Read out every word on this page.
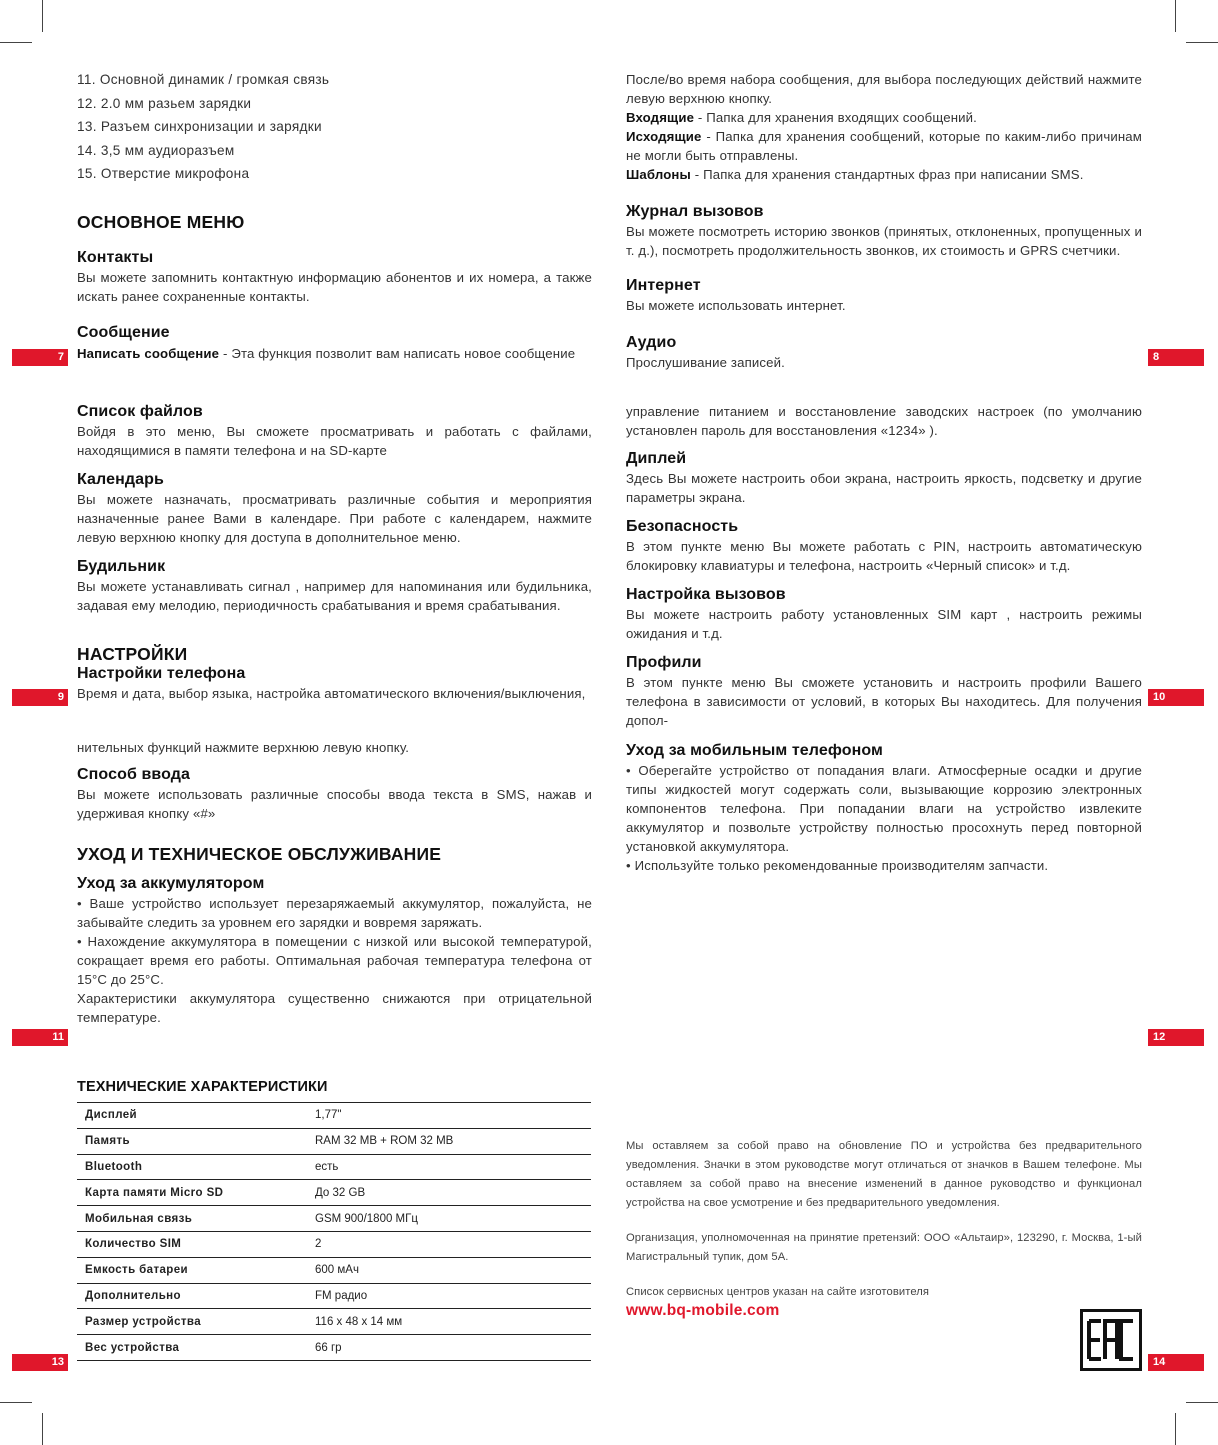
7	8
9	10
11	12
13	14
11. Основной динамик / громкая связь
12. 2.0 мм разьем зарядки
13. Разъем синхронизации и зарядки
14. 3,5 мм аудиоразъем
15. Отверстие микрофона
ОСНОВНОЕ МЕНЮ
Контакты
Вы можете запомнить контактную информацию абонентов и их номера, а также искать ранее сохраненные контакты.
Сообщение
Написать сообщение - Эта функция позволит вам написать новое сообщение
После/во время набора сообщения, для выбора последующих действий нажмите левую верхнюю кнопку.
Входящие - Папка для хранения входящих сообщений.
Исходящие - Папка для хранения сообщений, которые по каким-либо причинам не могли быть отправлены.
Шаблоны - Папка для хранения стандартных фраз при написании SMS.
Журнал вызовов
Вы можете посмотреть историю звонков (принятых, отклоненных, пропущенных и т. д.), посмотреть продолжительность звонков, их стоимость и GPRS счетчики.
Интернет
Вы можете использовать интернет.
Аудио
Прослушивание записей.
Список файлов
Войдя в это меню, Вы сможете просматривать и работать с файлами, находящимися в памяти телефона и на SD-карте
Календарь
Вы можете назначать, просматривать различные события и мероприятия назначенные ранее Вами в календаре. При работе с календарем, нажмите левую верхнюю кнопку для доступа в дополнительное меню.
Будильник
Вы можете устанавливать сигнал , например для напоминания или будильника, задавая ему мелодию, периодичность срабатывания и время срабатывания.
НАСТРОЙКИ
Настройки телефона
Время и дата, выбор языка, настройка автоматического включения/выключения,
управление питанием и восстановление заводских настроек (по умолчанию установлен пароль для восстановления «1234» ).
Диплей
Здесь Вы можете настроить обои экрана, настроить яркость, подсветку и другие параметры экрана.
Безопасность
В этом пункте меню Вы можете работать с PIN, настроить автоматическую блокировку клавиатуры и телефона, настроить «Черный список» и т.д.
Настройка вызовов
Вы можете настроить работу установленных SIM карт , настроить режимы ожидания и т.д.
Профили
В этом пункте меню Вы сможете установить и настроить профили Вашего телефона в зависимости от условий, в которых Вы находитесь. Для получения допол-
нительных функций нажмите верхнюю левую кнопку.
Способ ввода
Вы можете использовать различные способы ввода текста в SMS, нажав и удерживая кнопку «#»
УХОД И ТЕХНИЧЕСКОЕ ОБСЛУЖИВАНИЕ
Уход за аккумулятором
• Ваше устройство использует перезаряжаемый аккумулятор, пожалуйста, не забывайте следить за уровнем его зарядки и вовремя заряжать.
• Нахождение аккумулятора в помещении с низкой или высокой температурой, сокращает время его работы. Оптимальная рабочая температура телефона от 15°С до 25°С.
Характеристики аккумулятора существенно снижаются при отрицательной температуре.
Уход за мобильным телефоном
• Оберегайте устройство от попадания влаги. Атмосферные осадки и другие типы жидкостей могут содержать соли, вызывающие коррозию электронных компонентов телефона. При попадании влаги на устройство извлеките аккумулятор и позвольте устройству полностью просохнуть перед повторной установкой аккумулятора.
• Используйте только рекомендованные производителям запчасти.
ТЕХНИЧЕСКИЕ ХАРАКТЕРИСТИКИ
Дисплей	1,77"
Память	RAM 32 MB + ROM 32 MB
Bluetooth	есть
Карта памяти Micro SD	До 32 GB
Мобильная связь	GSM 900/1800 МГц
Количество SIM	2
Емкость батареи	600 мАч
Дополнительно	FM радио
Размер устройства	116 х 48 х 14 мм
Вес устройства	66 гр
Мы оставляем за собой право на обновление ПО и устройства без предварительного уведомления. Значки в этом руководстве могут отличаться от значков в Вашем телефоне. Мы оставляем за собой право на внесение изменений в данное руководство и функционал устройства на свое усмотрение и без предварительного уведомления.
Организация, уполномоченная на принятие претензий: ООО «Альтаир», 123290, г. Москва, 1-ый Магистральный тупик, дом 5А.
Список сервисных центров указан на сайте изготовителя
www.bq-mobile.com
